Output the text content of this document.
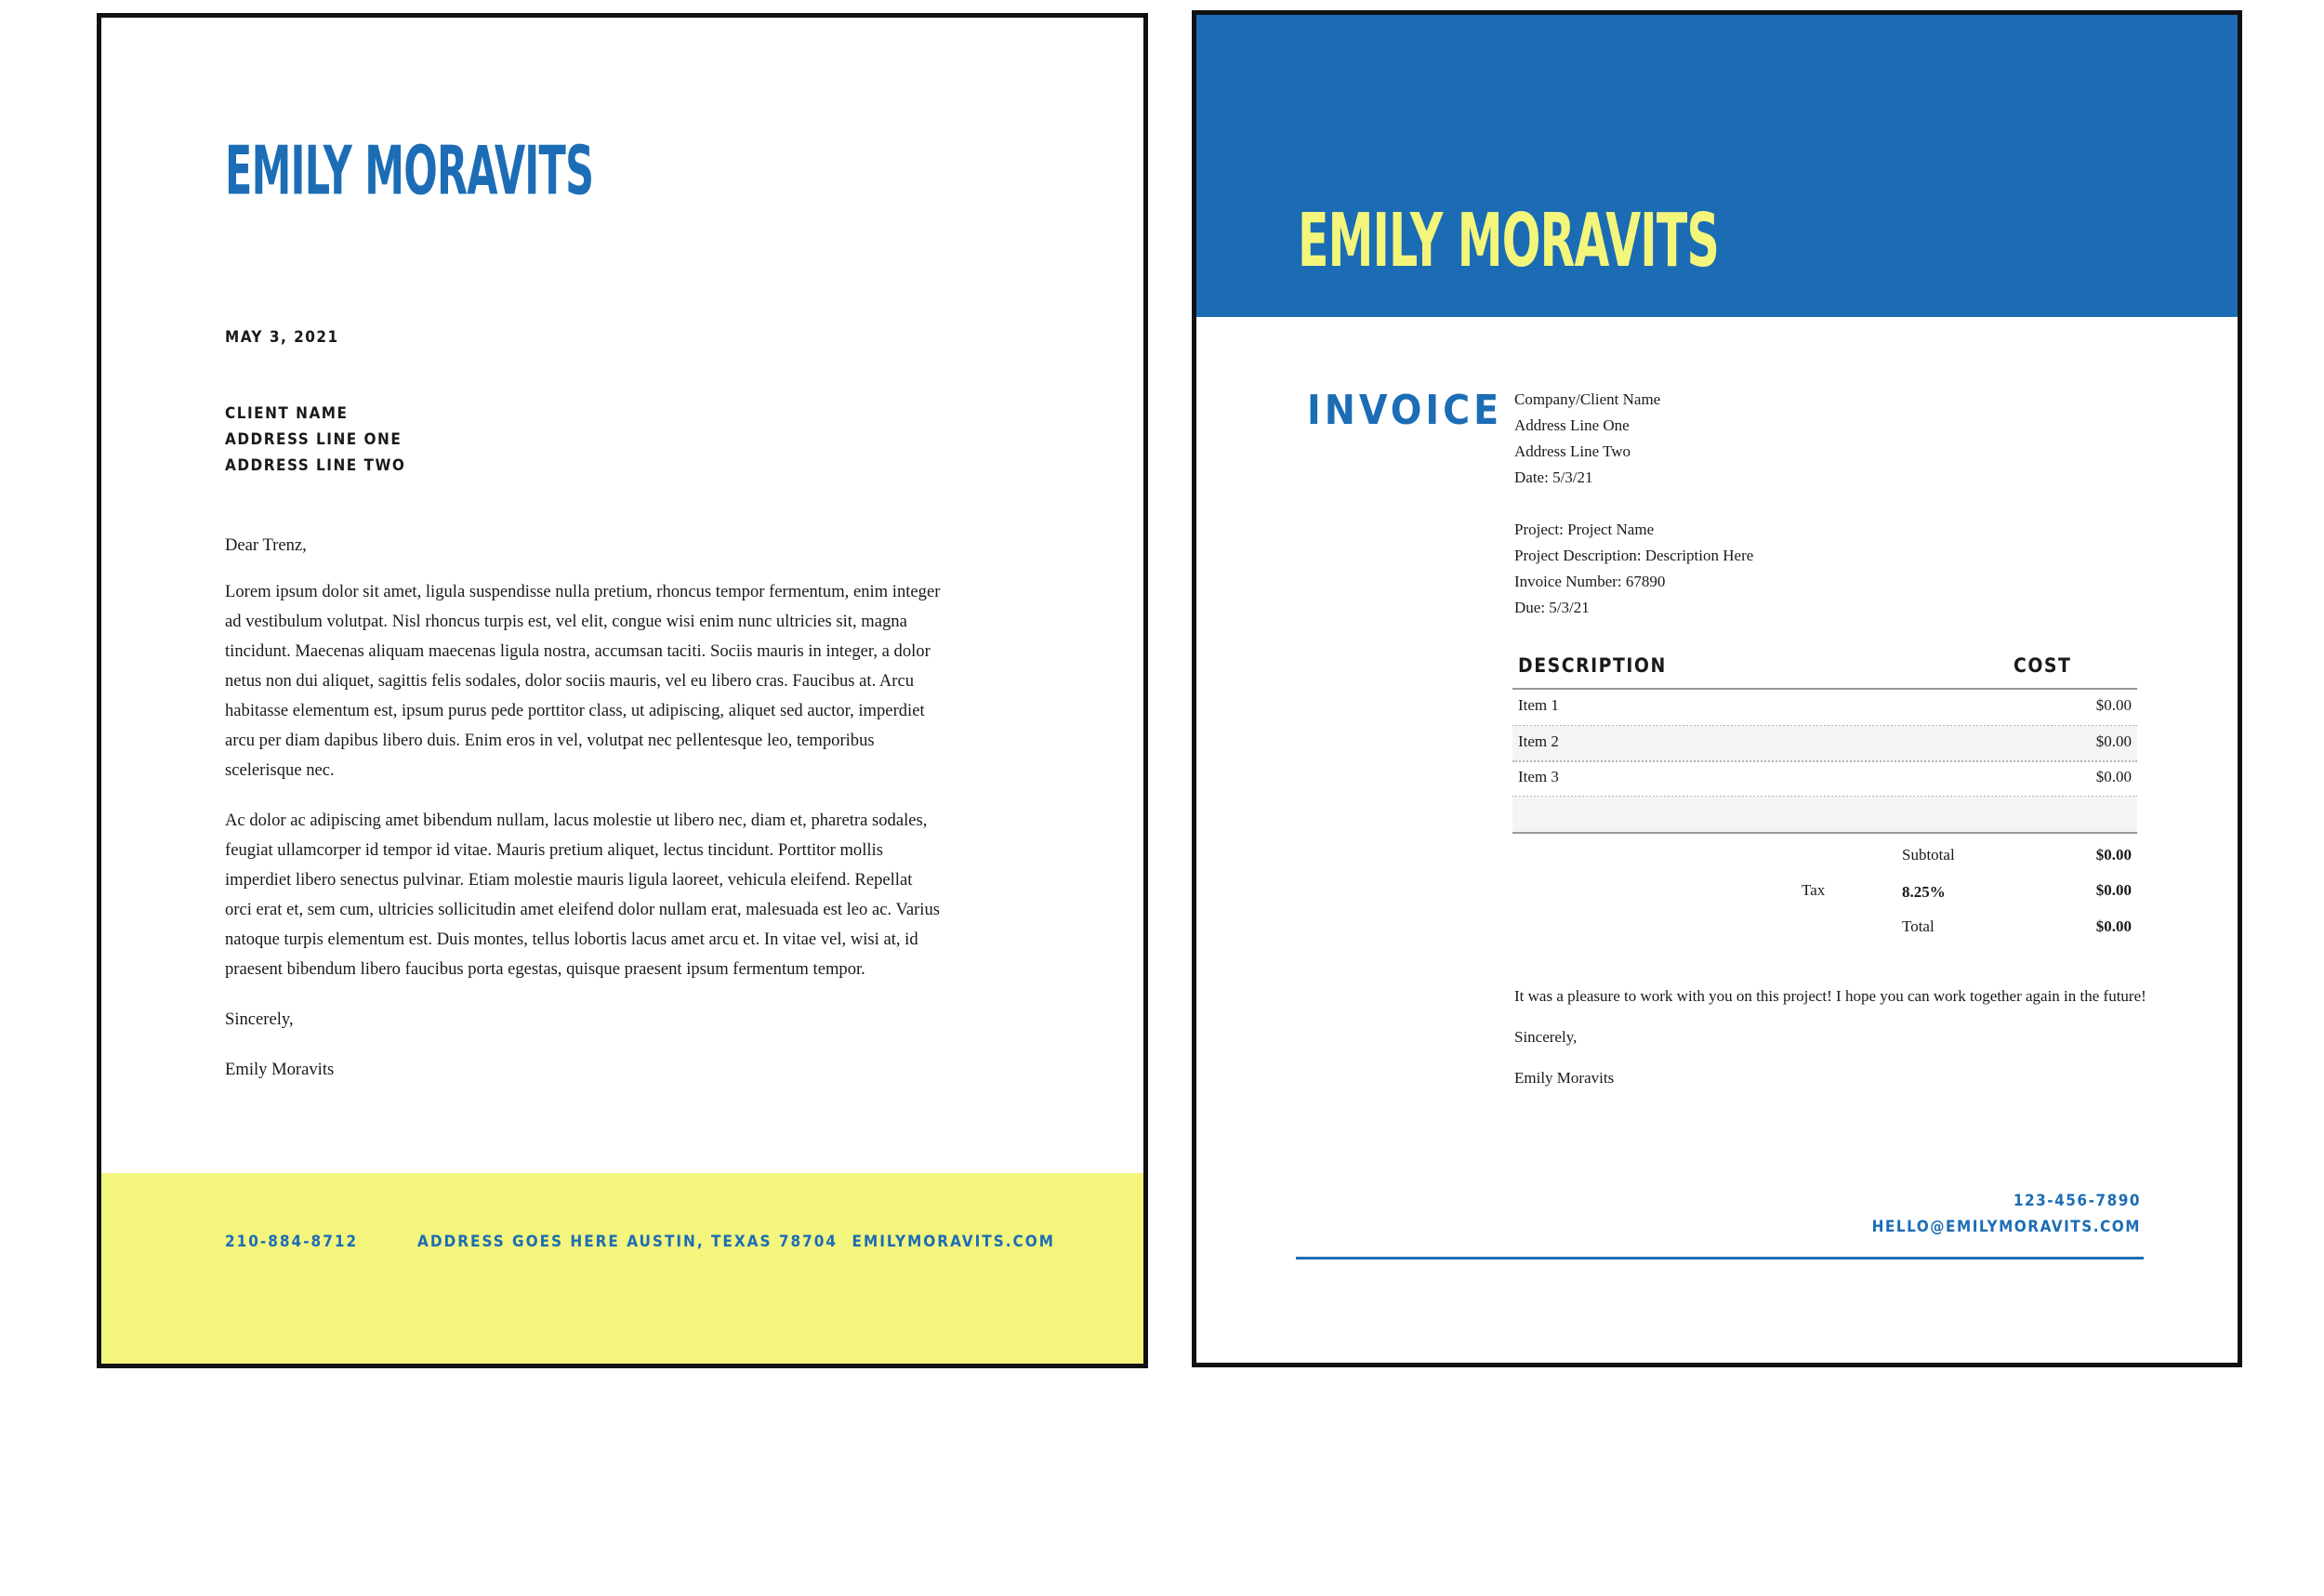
EMILY MORAVITS
MAY 3, 2021
CLIENT NAME
ADDRESS LINE ONE
ADDRESS LINE TWO

Dear Trenz,

Lorem ipsum dolor sit amet, ligula suspendisse nulla pretium, rhoncus tempor fermentum, enim integer ad vestibulum volutpat. Nisl rhoncus turpis est, vel elit, congue wisi enim nunc ultricies sit, magna tincidunt. Maecenas aliquam maecenas ligula nostra, accumsan taciti. Sociis mauris in integer, a dolor netus non dui aliquet, sagittis felis sodales, dolor sociis mauris, vel eu libero cras. Faucibus at. Arcu habitasse elementum est, ipsum purus pede porttitor class, ut adipiscing, aliquet sed auctor, imperdiet arcu per diam dapibus libero duis. Enim eros in vel, volutpat nec pellentesque leo, temporibus scelerisque nec.

Ac dolor ac adipiscing amet bibendum nullam, lacus molestie ut libero nec, diam et, pharetra sodales, feugiat ullamcorper id tempor id vitae. Mauris pretium aliquet, lectus tincidunt. Porttitor mollis imperdiet libero senectus pulvinar. Etiam molestie mauris ligula laoreet, vehicula eleifend. Repellat orci erat et, sem cum, ultricies sollicitudin amet eleifend dolor nullam erat, malesuada est leo ac. Varius natoque turpis elementum est. Duis montes, tellus lobortis lacus amet arcu et. In vitae vel, wisi at, id praesent bibendum libero faucibus porta egestas, quisque praesent ipsum fermentum tempor.

Sincerely,

Emily Moravits

210-884-8712	ADDRESS GOES HERE AUSTIN, TEXAS 78704 EMILYMORAVITS.COM
EMILY MORAVITS
INVOICE Company/Client Name
Address Line One
Address Line Two
Date: 5/3/21
Project: Project Name
Project Description: Description Here
Invoice Number: 67890
Due: 5/3/21
DESCRIPTION	COST
Item 1	$0.00
Item 2	$0.00
Item 3	$0.00
Subtotal	$0.00
Tax	8.25%	$0.00
Total	$0.00

It was a pleasure to work with you on this project! I hope you can work together again in the future!

Sincerely,

Emily Moravits

123-456-7890
HELLO@EMILYMORAVITS.COM
